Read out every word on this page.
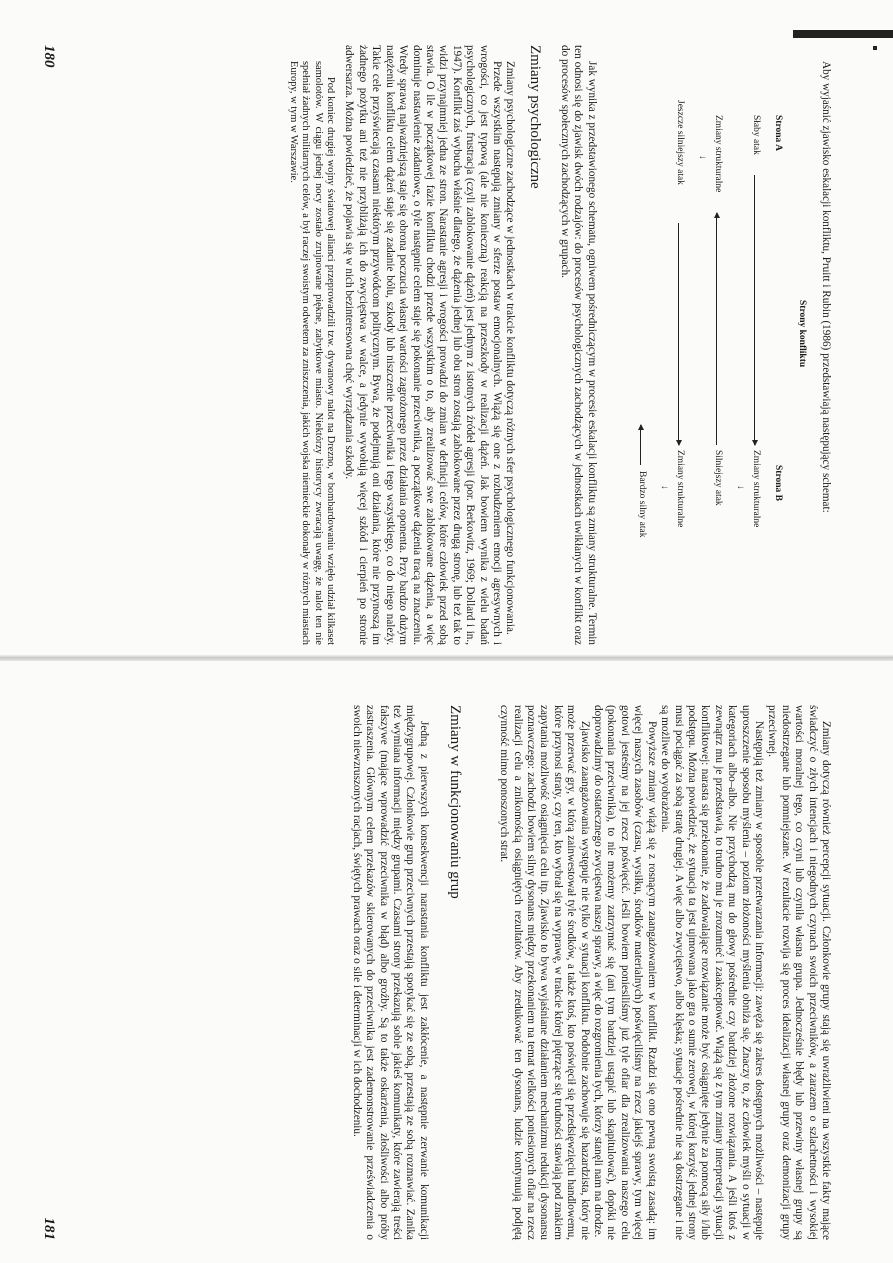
Aby wyjaśnić zjawisko eskalacji konfliktu, Pruitt i Rubin (1986) przedstawiają następujący schemat:

Strony konfliktu
Strona A
Strona B
Słaby atak
Zmiany strukturalne
↓
Zmiany strukturalne
Silniejszy atak
↓
Jeszcze silniejszy atak
Zmiany strukturalne
↓
Bardzo silny atak

Jak wynika z przedstawionego schematu, ogniwem pośredniczącym w procesie eskalacji konfliktu są zmiany strukturalne. Termin ten odnosi się do zjawisk dwóch rodzajów: do procesów psychologicznych zachodzących w jednostkach uwikłanych w konflikt oraz do procesów społecznych zachodzących w grupach.

Zmiany psychologiczne

Zmiany psychologiczne zachodzące w jednostkach w trakcie konfliktu dotyczą różnych sfer psychologicznego funkcjonowania.

Przede wszystkim następują zmiany w sferze postaw emocjonalnych. Wiążą się one z rozbudzeniem emocji agresywnych i wrogości, co jest typową (ale nie konieczną) reakcją na przeszkody w realizacji dążeń. Jak bowiem wynika z wielu badań psychologicznych, frustracja (czyli zablokowanie dążeń) jest jednym z istotnych źródeł agresji (por. Berkowitz, 1969; Dollard i in., 1947). Konflikt zaś wybucha właśnie dlatego, że dążenia jednej lub obu stron zostają zablokowane przez drugą stronę, lub też tak to widzi przynajmniej jedna ze stron. Narastanie agresji i wrogości prowadzi do zmian w definicji celów, które człowiek przed sobą stawia. O ile w początkowej fazie konfliktu chodzi przede wszystkim o to, aby zrealizować swe zablokowane dążenia, a więc dominuje nastawienie zadaniowe, o tyle następnie celem staje się pokonanie przeciwnika, a początkowe dążenia tracą na znaczeniu. Wtedy sprawą najważniejszą staje się obrona poczucia własnej wartości zagrożonego przez działania oponenta. Przy bardzo dużym natężeniu konfliktu celem dążeń staje się zadanie bólu, szkody lub niszczenie przeciwnika i tego wszystkiego, co do niego należy. Takie cele przyświecają czasami niektórym przywódcom politycznym. Bywa, że podejmują oni działania, które nie przynoszą im żadnego pożytku ani też nie przybliżają ich do zwycięstwa w walce, a jedynie wywołują więcej szkód i cierpień po stronie adwersarza. Można powiedzieć, że pojawia się w nich bezinteresowna chęć wyrządzania szkody.

Pod koniec drugiej wojny światowej alianci przeprowadzili tzw. dywanowy nalot na Drezno, w bombardowaniu wzięło udział kilkaset samolotów. W ciągu jednej nocy zostało zrujnowane piękne, zabytkowe miasto. Niektórzy historycy zwracają uwagę, że nalot ten nie spełniał żadnych militarnych celów, a był raczej swoistym odwetem za zniszczenia, jakich wojska niemieckie dokonały w różnych miastach Europy, w tym w Warszawie.

180

Zmiany dotyczą również percepcji sytuacji. Członkowie grupy stają się uwrażliwieni na wszystkie fakty mające świadczyć o złych intencjach i niegodnych czynach swoich przeciwników, a zarazem o szlachetności i wysokiej wartości moralnej tego, co czyni lub czyniła własna grupa. Jednocześnie błędy lub przewiny własnej grupy są niedostrzegane lub pomniejszane. W rezultacie rozwija się proces idealizacji własnej grupy oraz demonizacji grupy przeciwnej.

Następują też zmiany w sposobie przetwarzania informacji: zawęża się zakres dostępnych możliwości – następuje uproszczenie sposobu myślenia – poziom złożoności myślenia obniża się. Znaczy to, że człowiek myśli o sytuacji w kategoriach albo–albo. Nie przychodzą mu do głowy pośrednie czy bardziej złożone rozwiązania. A jeśli ktoś z zewnątrz mu je przedstawia, to trudno mu je zrozumieć i zaakceptować. Wiążą się z tym zmiany interpretacji sytuacji konfliktowej: narasta się przekonanie, że zadowalające rozwiązanie może być osiągnięte jedynie za pomocą siły i/lub podstępu. Można powiedzieć, że sytuacja ta jest ujmowana jako gra o sumie zerowej, w której korzyść jednej strony musi pociągać za sobą stratę drugiej. A więc albo zwycięstwo, albo klęska; sytuacje pośrednie nie są dostrzegane i nie są możliwe do wyobrażenia.

Powyższe zmiany wiążą się z rosnącym zaangażowaniem w konflikt. Rzadzi się ono pewną swoistą zasadą: im więcej naszych zasobów (czasu, wysiłku, środków materialnych) poświęciliśmy na rzecz jakiejś sprawy, tym więcej gotowi jesteśmy na jej rzecz poświęcić. Jeśli bowiem poniesiliśmy już tyle ofiar dla zrealizowania naszego celu (pokonania przeciwnika), to nie możemy zatrzymać się (ani tym bardziej ustąpić lub skapitulować), dopóki nie doprowadzimy do ostatecznego zwycięstwa naszej sprawy, a więc do rozgromienia tych, którzy stanęli nam na drodze.

Zjawisko zaangażowania występuje nie tylko w sytuacji konfliktu. Podobnie zachowuje się hazardzista, który nie może przerwać gry, w którą zainwestował tyle środków, a także ktoś, kto poświęcił się przedsięwzięciu handlowemu, które przynosi straty, czy ten, kto wybrał się na wyprawę, w trakcie której piętrzące się trudności stawiają pod znakiem zapytania możliwość osiągnięcia celu itp. Zjawisko to bywa wyjaśniane działaniem mechanizmu redukcji dysonansu poznawczego: zachodzi bowiem silny dysonans między przekonaniem na temat wielkości poniesionych ofiar na rzecz realizacji celu a znikomością osiągniętych rezultatów. Aby zredukować ten dysonans, ludzie kontynuują podjętą czynność mimo ponoszonych strat.

Zmiany w funkcjonowaniu grup

Jedną z pierwszych konsekwencji narastania konfliktu jest zakłócenie, a następnie zerwanie komunikacji międzygrupowej. Członkowie grup przeciwnych przestają spotykać się ze sobą, przestają ze sobą rozmawiać. Zanika też wymiana informacji między grupami. Czasami strony przekazują sobie jakieś komunikaty, które zawierają treści fałszywe (mające wprowadzić przeciwnika w błąd) albo groźby. Są to także oskarżenia, złośliwości albo próby zastraszenia. Głównym celem przekazów skierowanych do przeciwnika jest zademonstrowanie przeświadczenia o swoich niewzruszonych racjach, świętych prawach oraz o sile i determinacji w ich dochodzeniu.

181
